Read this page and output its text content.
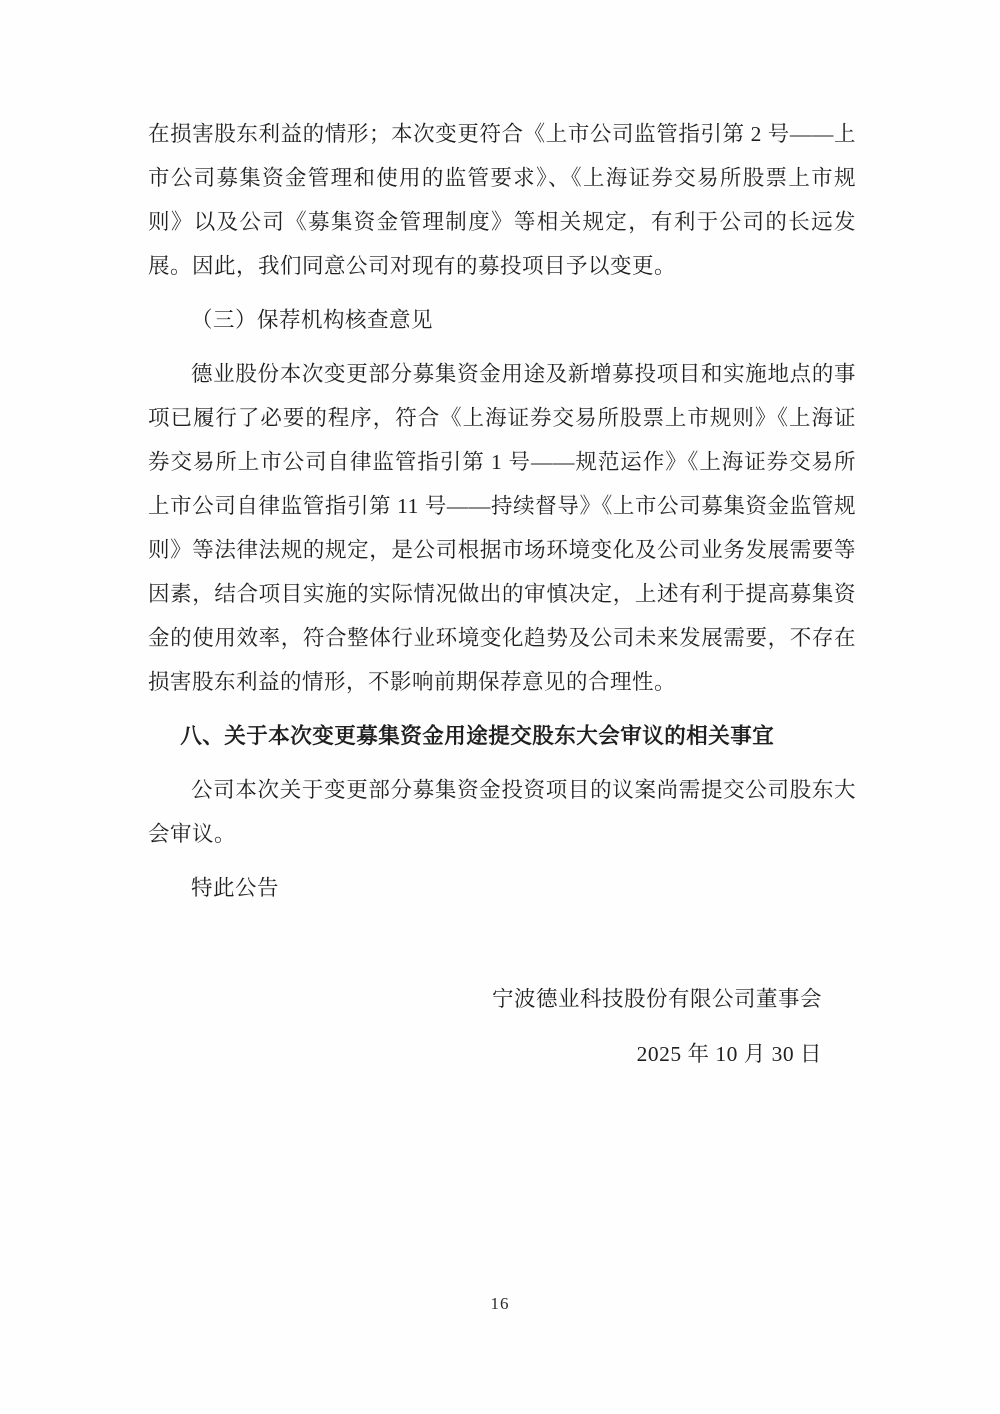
在损害股东利益的情形；本次变更符合《上市公司监管指引第 2 号——上市公司募集资金管理和使用的监管要求》、《上海证券交易所股票上市规则》以及公司《募集资金管理制度》等相关规定，有利于公司的长远发展。因此，我们同意公司对现有的募投项目予以变更。

（三）保荐机构核查意见

德业股份本次变更部分募集资金用途及新增募投项目和实施地点的事项已履行了必要的程序，符合《上海证券交易所股票上市规则》《上海证券交易所上市公司自律监管指引第 1 号——规范运作》《上海证券交易所上市公司自律监管指引第 11 号——持续督导》《上市公司募集资金监管规则》等法律法规的规定，是公司根据市场环境变化及公司业务发展需要等因素，结合项目实施的实际情况做出的审慎决定，上述有利于提高募集资金的使用效率，符合整体行业环境变化趋势及公司未来发展需要，不存在损害股东利益的情形，不影响前期保荐意见的合理性。

八、关于本次变更募集资金用途提交股东大会审议的相关事宜

公司本次关于变更部分募集资金投资项目的议案尚需提交公司股东大会审议。

特此公告

宁波德业科技股份有限公司董事会
2025 年 10 月 30 日
16
